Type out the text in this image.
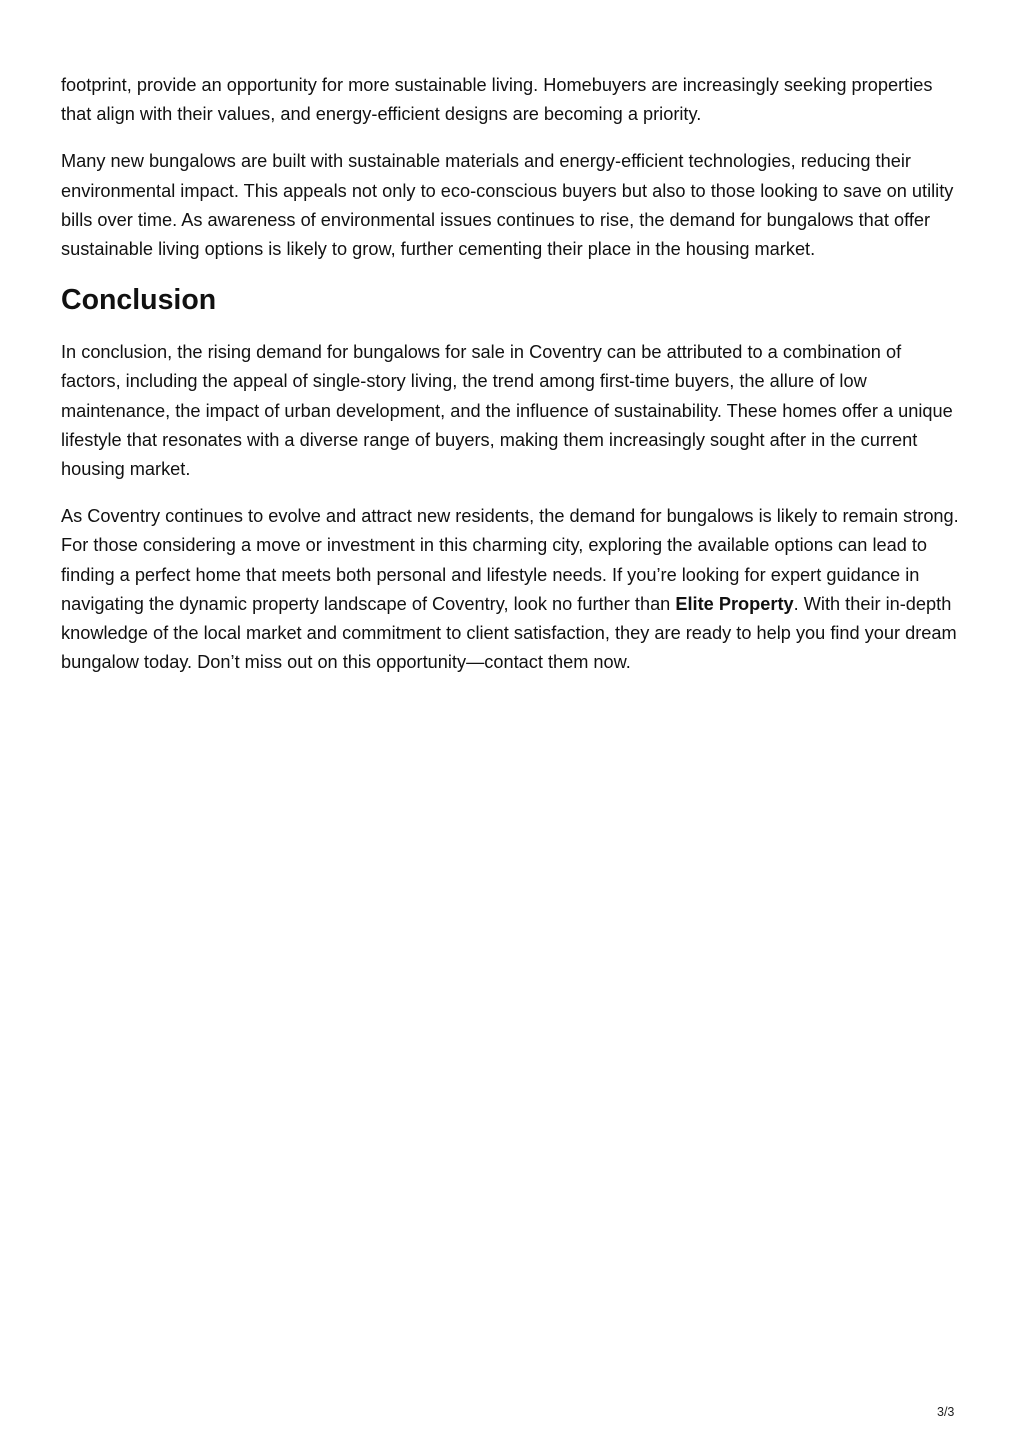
footprint, provide an opportunity for more sustainable living. Homebuyers are increasingly seeking properties that align with their values, and energy-efficient designs are becoming a priority.

Many new bungalows are built with sustainable materials and energy-efficient technologies, reducing their environmental impact. This appeals not only to eco-conscious buyers but also to those looking to save on utility bills over time. As awareness of environmental issues continues to rise, the demand for bungalows that offer sustainable living options is likely to grow, further cementing their place in the housing market.

Conclusion

In conclusion, the rising demand for bungalows for sale in Coventry can be attributed to a combination of factors, including the appeal of single-story living, the trend among first-time buyers, the allure of low maintenance, the impact of urban development, and the influence of sustainability. These homes offer a unique lifestyle that resonates with a diverse range of buyers, making them increasingly sought after in the current housing market.

As Coventry continues to evolve and attract new residents, the demand for bungalows is likely to remain strong. For those considering a move or investment in this charming city, exploring the available options can lead to finding a perfect home that meets both personal and lifestyle needs. If you’re looking for expert guidance in navigating the dynamic property landscape of Coventry, look no further than Elite Property. With their in-depth knowledge of the local market and commitment to client satisfaction, they are ready to help you find your dream bungalow today. Don’t miss out on this opportunity—contact them now.

3/3
